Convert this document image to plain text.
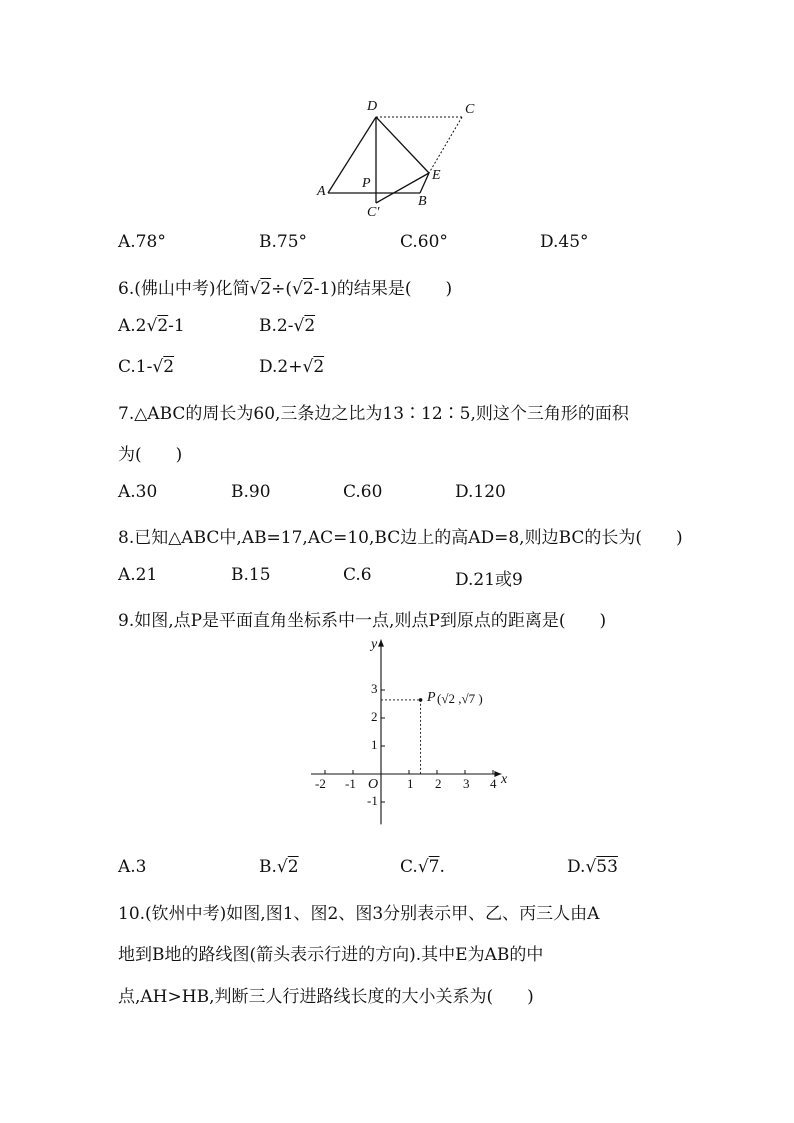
D	C
A
P
E
B
C′
A.78°	B.75°	C.60°	D.45°
6.(佛山中考)化简√2÷(√2-1)的结果是(　　)
A.2√2-1	B.2-√2
C.1-√2	D.2+√2
7.△ABC的周长为60,三条边之比为13∶12∶5,则这个三角形的面积
为(　　)
A.30	B.90	C.60	D.120
8.已知△ABC中,AB=17,AC=10,BC边上的高AD=8,则边BC的长为(　　)
A.21	B.15	C.6	D.21或9
9.如图,点P是平面直角坐标系中一点,则点P到原点的距离是(　　)
y
x
O
-2 -1	1 2 3 4
3
2
1
-1
P (√2 ,√7 )
A.3	B.√2	C.√7.	D.√53
10.(钦州中考)如图,图1、图2、图3分别表示甲、乙、丙三人由A
地到B地的路线图(箭头表示行进的方向).其中E为AB的中
点,AH>HB,判断三人行进路线长度的大小关系为(　　)
